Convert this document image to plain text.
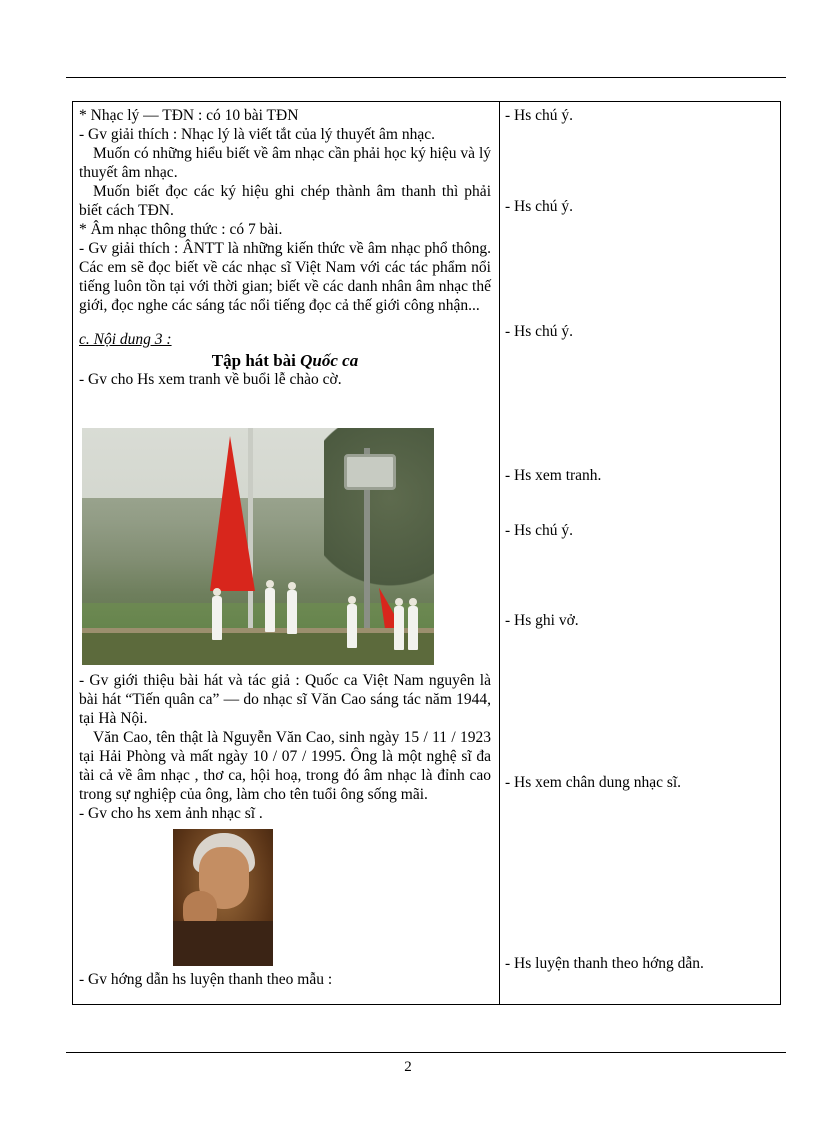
* Nhạc lý — TĐN : có 10 bài TĐN

- Gv giải thích : Nhạc lý là viết tắt của lý thuyết âm nhạc.

Muốn có những hiểu biết về âm nhạc cần phải học ký hiệu và lý thuyết âm nhạc.

Muốn biết đọc các ký hiệu ghi chép thành âm thanh thì phải biết cách TĐN.

* Âm nhạc thông thức : có 7 bài.

- Gv giải thích : ÂNTT là những kiến thức về âm nhạc phổ thông. Các em sẽ đọc biết về các nhạc sĩ Việt Nam với các tác phẩm nổi tiếng luôn tồn tại với thời gian; biết về các danh nhân âm nhạc thế giới, đọc nghe các sáng tác nổi tiếng đọc cả thế giới công nhận...

c. Nội dung 3 :

Tập hát bài Quốc ca

- Gv cho Hs xem tranh về buổi lễ chào cờ.

- Gv giới thiệu bài hát và tác giả : Quốc ca Việt Nam nguyên là bài hát “Tiến quân ca” — do nhạc sĩ Văn Cao sáng tác năm 1944, tại Hà Nội.

Văn Cao, tên thật là Nguyễn Văn Cao, sinh ngày 15 / 11 / 1923 tại Hải Phòng và mất ngày 10 / 07 / 1995. Ông là một nghệ sĩ đa tài cả về âm nhạc , thơ ca, hội hoạ, trong đó âm nhạc là đỉnh cao trong sự nghiệp của ông, làm cho tên tuổi ông sống mãi.

- Gv cho hs xem ảnh nhạc sĩ .

- Gv hớng dẫn hs luyện thanh theo mẫu :

- Hs chú ý.
- Hs chú ý.
- Hs chú ý.
- Hs xem tranh.
- Hs chú ý.
- Hs ghi vở.
- Hs xem chân dung nhạc sĩ.
- Hs luyện thanh theo hớng dẫn.
2
